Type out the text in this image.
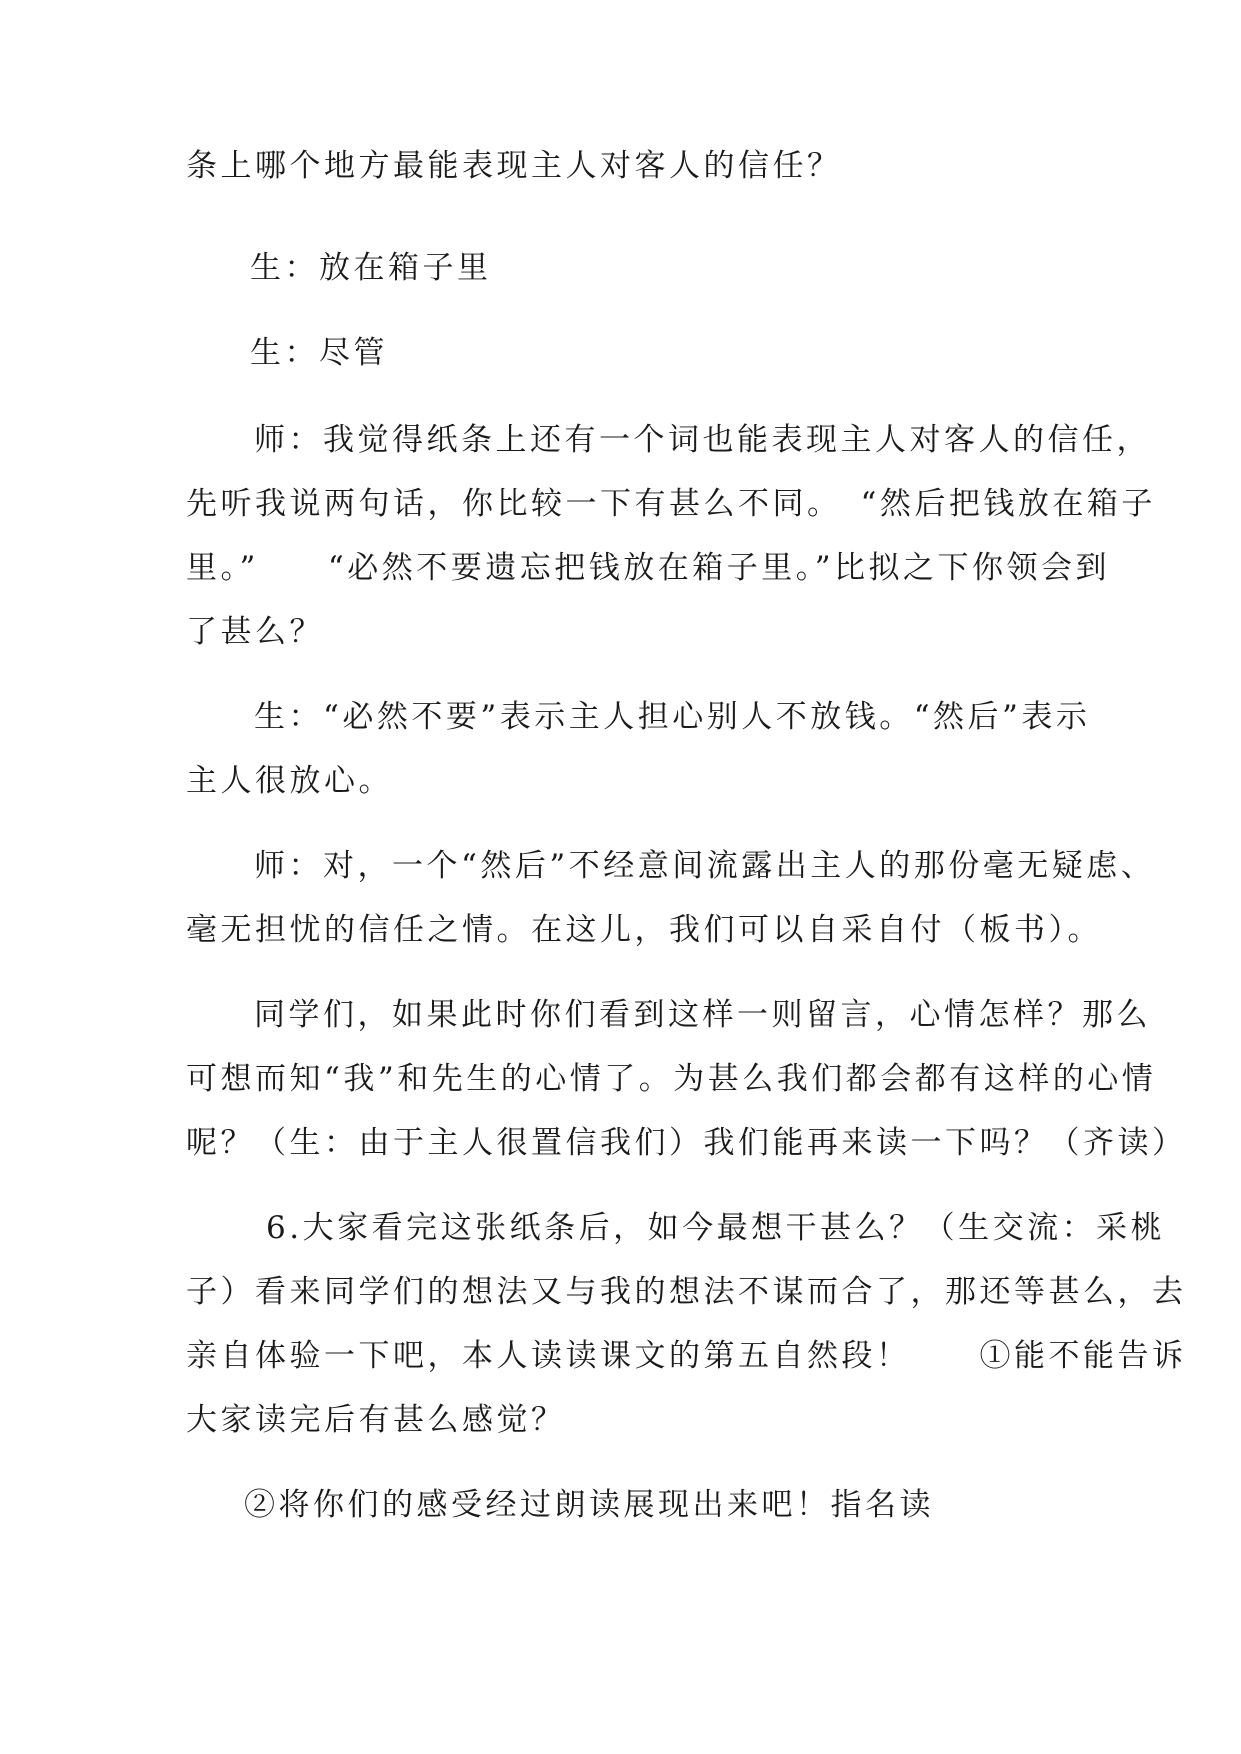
条上哪个地方最能表现主人对客人的信任？
生：放在箱子里
生：尽管
师：我觉得纸条上还有一个词也能表现主人对客人的信任，
先听我说两句话，你比较一下有甚么不同。　“然后把钱放在箱子
里。”　　“必然不要遗忘把钱放在箱子里。”比拟之下你领会到
了甚么？
生：“必然不要”表示主人担心别人不放钱。“然后”表示
主人很放心。
师：对，一个“然后”不经意间流露出主人的那份毫无疑虑、
毫无担忧的信任之情。在这儿，我们可以自采自付（板书）。
同学们，如果此时你们看到这样一则留言，心情怎样？那么
可想而知“我”和先生的心情了。为甚么我们都会都有这样的心情
呢？（生：由于主人很置信我们）我们能再来读一下吗？（齐读）
6.大家看完这张纸条后，如今最想干甚么？（生交流：采桃
子）看来同学们的想法又与我的想法不谋而合了，那还等甚么，去
亲自体验一下吧，本人读读课文的第五自然段！　　①能不能告诉
大家读完后有甚么感觉？
②将你们的感受经过朗读展现出来吧！指名读
